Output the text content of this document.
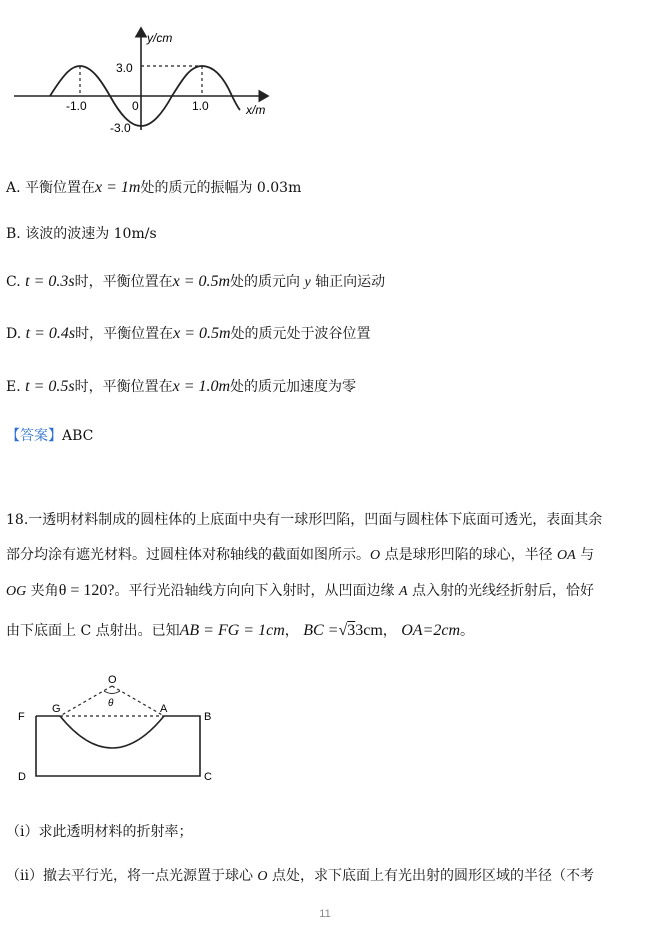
y/cm
x/m
3.0
-3.0
-1.0	1.0
0
A. 平衡位置在x = 1m处的质元的振幅为 0.03m
B. 该波的波速为 10m/s
C. t = 0.3s时，平衡位置在x = 0.5m处的质元向 y 轴正向运动
D. t = 0.4s时，平衡位置在x = 0.5m处的质元处于波谷位置
E. t = 0.5s时，平衡位置在x = 1.0m处的质元加速度为零
【答案】ABC
18.一透明材料制成的圆柱体的上底面中央有一球形凹陷，凹面与圆柱体下底面可透光，表面其余
部分均涂有遮光材料。过圆柱体对称轴线的截面如图所示。O 点是球形凹陷的球心，半径 OA 与
OG 夹角θ = 120?。平行光沿轴线方向向下入射时，从凹面边缘 A 点入射的光线经折射后，恰好
由下底面上 C 点射出。已知AB = FG = 1cm， BC =√33cm， OA=2cm。
O
θ
G	A
F	B
D	C
（i）求此透明材料的折射率；
（ii）撤去平行光，将一点光源置于球心 O 点处，求下底面上有光出射的圆形区域的半径（不考
11
